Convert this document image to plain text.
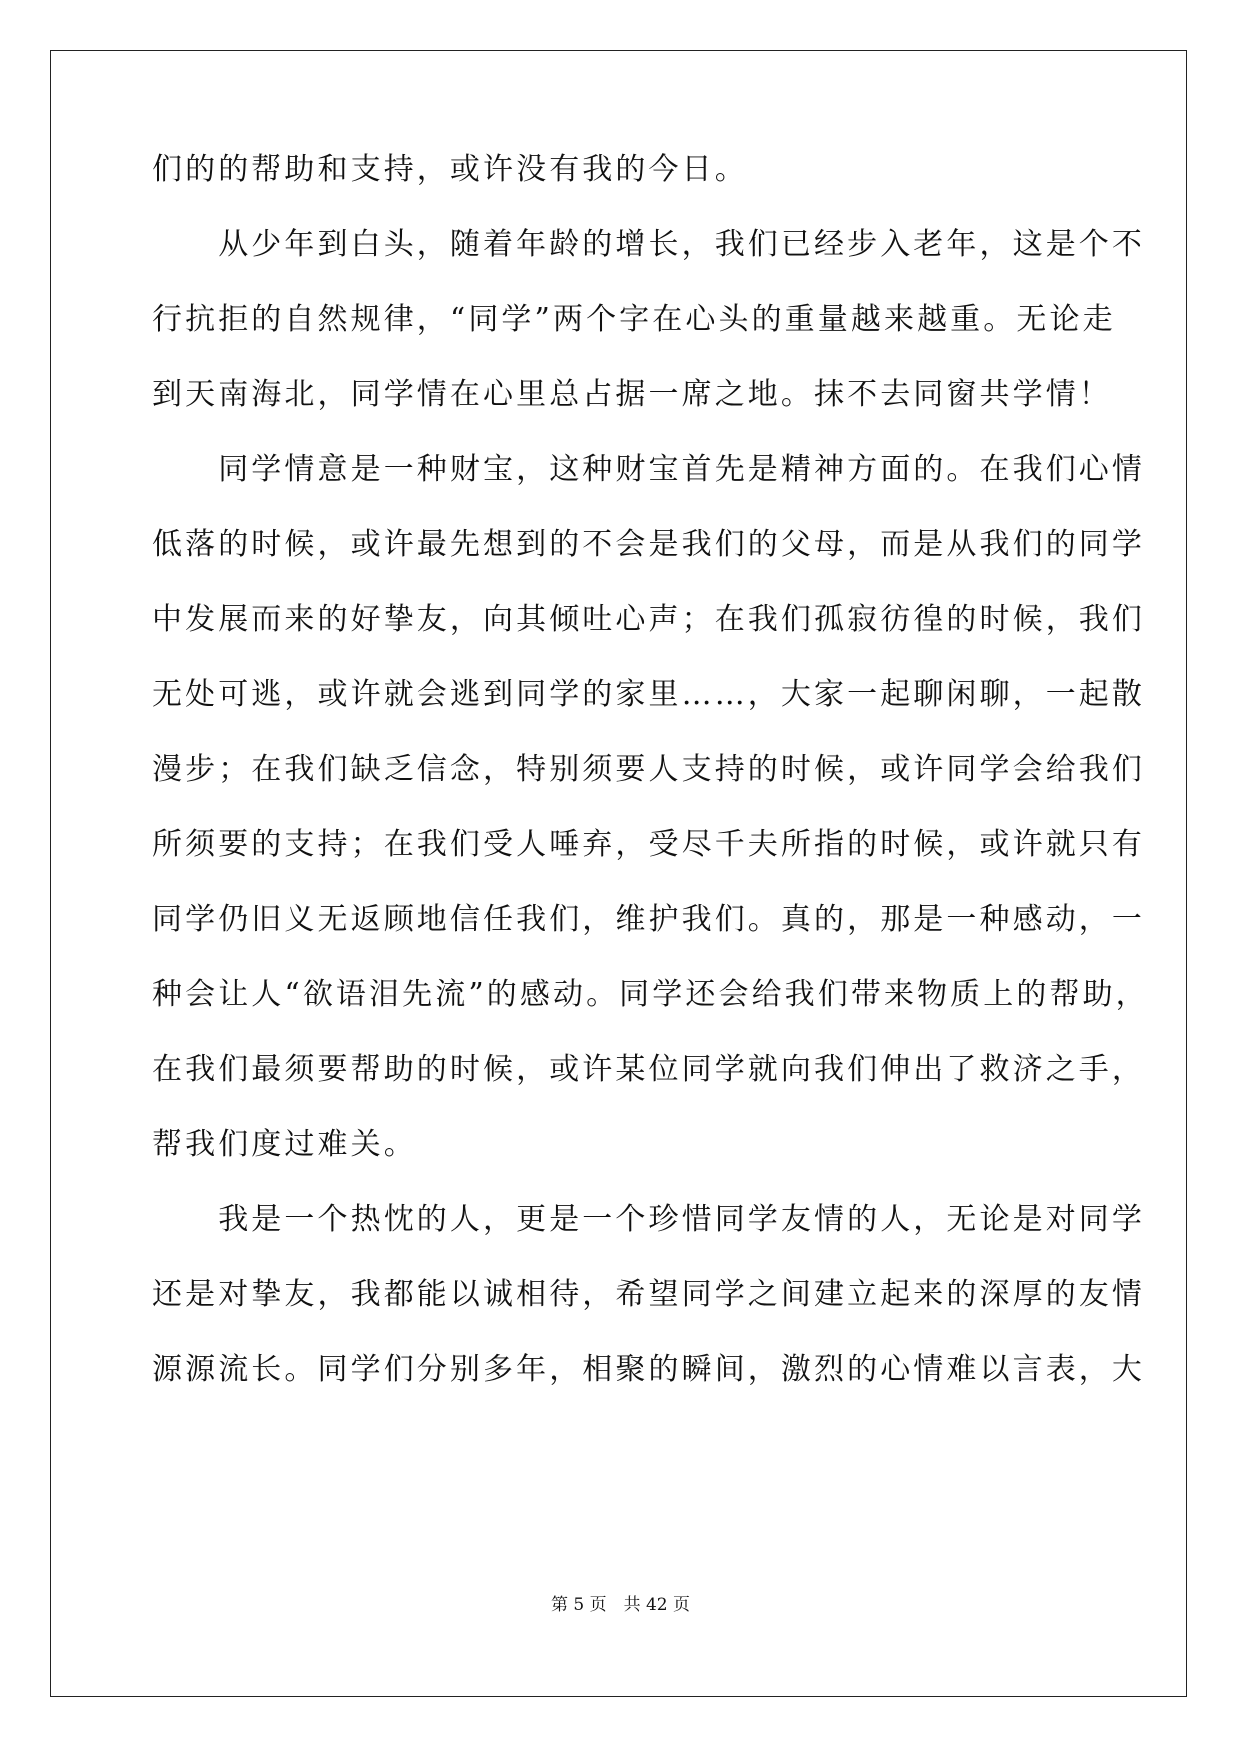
们的的帮助和支持，或许没有我的今日。
　　从少年到白头，随着年龄的增长，我们已经步入老年，这是个不
行抗拒的自然规律，“同学”两个字在心头的重量越来越重。无论走
到天南海北，同学情在心里总占据一席之地。抹不去同窗共学情！
　　同学情意是一种财宝，这种财宝首先是精神方面的。在我们心情
低落的时候，或许最先想到的不会是我们的父母，而是从我们的同学
中发展而来的好挚友，向其倾吐心声；在我们孤寂彷徨的时候，我们
无处可逃，或许就会逃到同学的家里……，大家一起聊闲聊，一起散
漫步；在我们缺乏信念，特别须要人支持的时候，或许同学会给我们
所须要的支持；在我们受人唾弃，受尽千夫所指的时候，或许就只有
同学仍旧义无返顾地信任我们，维护我们。真的，那是一种感动，一
种会让人“欲语泪先流”的感动。同学还会给我们带来物质上的帮助，
在我们最须要帮助的时候，或许某位同学就向我们伸出了救济之手，
帮我们度过难关。
　　我是一个热忱的人，更是一个珍惜同学友情的人，无论是对同学
还是对挚友，我都能以诚相待，希望同学之间建立起来的深厚的友情
源源流长。同学们分别多年，相聚的瞬间，激烈的心情难以言表，大
第 5 页　共 42 页
